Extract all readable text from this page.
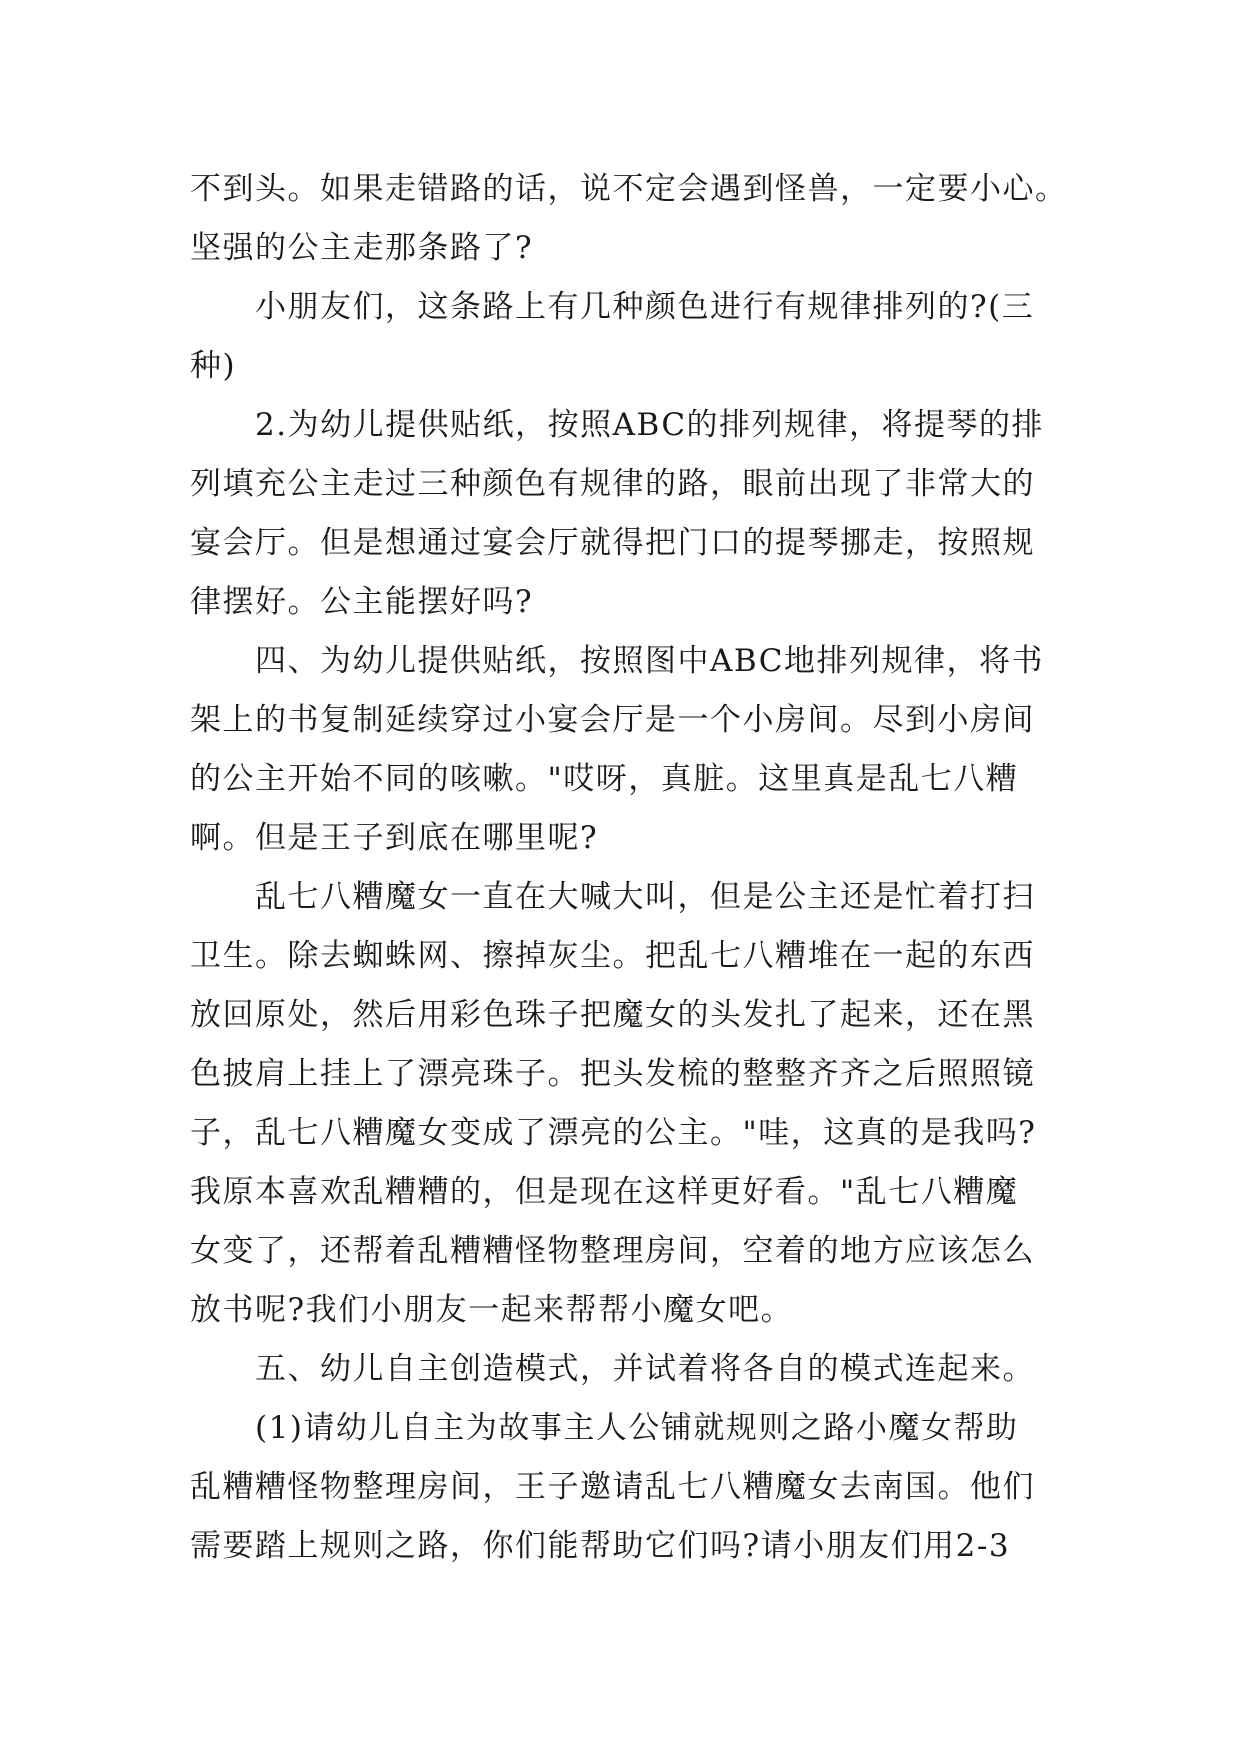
不到头。如果走错路的话，说不定会遇到怪兽，一定要小心。
坚强的公主走那条路了?
　　小朋友们，这条路上有几种颜色进行有规律排列的?(三
种)
　　2.为幼儿提供贴纸，按照ABC的排列规律，将提琴的排
列填充公主走过三种颜色有规律的路，眼前出现了非常大的
宴会厅。但是想通过宴会厅就得把门口的提琴挪走，按照规
律摆好。公主能摆好吗?
　　四、为幼儿提供贴纸，按照图中ABC地排列规律，将书
架上的书复制延续穿过小宴会厅是一个小房间。尽到小房间
的公主开始不同的咳嗽。"哎呀，真脏。这里真是乱七八糟
啊。但是王子到底在哪里呢?
　　乱七八糟魔女一直在大喊大叫，但是公主还是忙着打扫
卫生。除去蜘蛛网、擦掉灰尘。把乱七八糟堆在一起的东西
放回原处，然后用彩色珠子把魔女的头发扎了起来，还在黑
色披肩上挂上了漂亮珠子。把头发梳的整整齐齐之后照照镜
子，乱七八糟魔女变成了漂亮的公主。"哇，这真的是我吗?
我原本喜欢乱糟糟的，但是现在这样更好看。"乱七八糟魔
女变了，还帮着乱糟糟怪物整理房间，空着的地方应该怎么
放书呢?我们小朋友一起来帮帮小魔女吧。
　　五、幼儿自主创造模式，并试着将各自的模式连起来。
　　(1)请幼儿自主为故事主人公铺就规则之路小魔女帮助
乱糟糟怪物整理房间，王子邀请乱七八糟魔女去南国。他们
需要踏上规则之路，你们能帮助它们吗?请小朋友们用2-3
